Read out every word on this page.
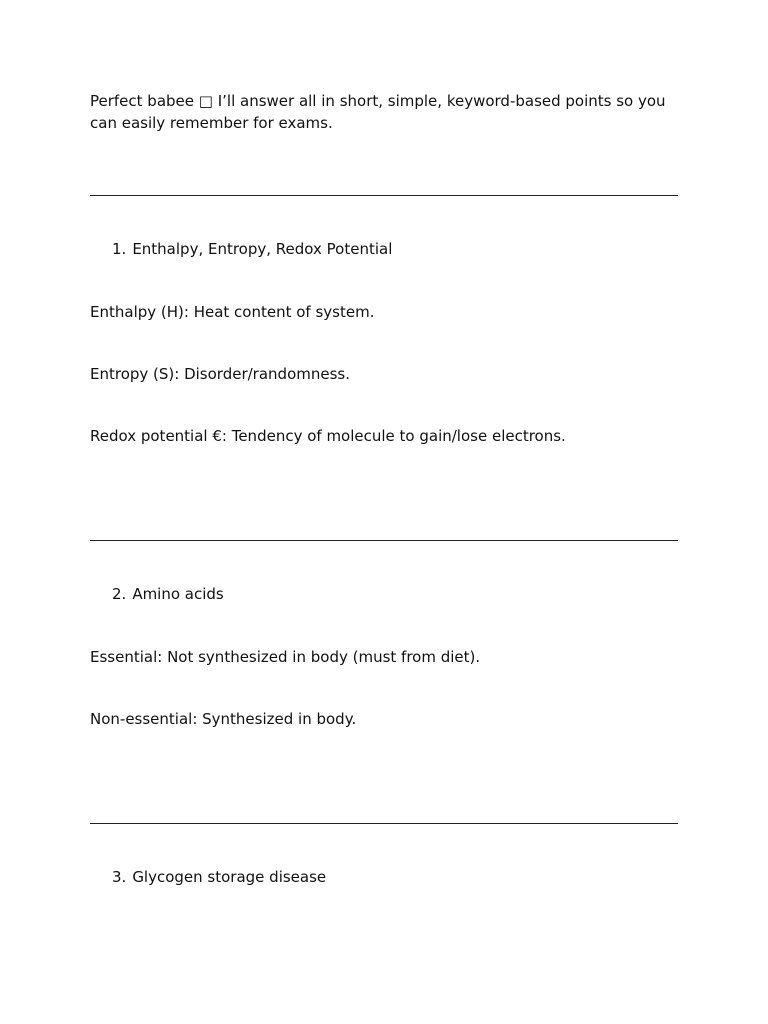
Perfect babee □ I’ll answer all in short, simple, keyword-based points so you can easily remember for exams.

1. Enthalpy, Entropy, Redox Potential

Enthalpy (H): Heat content of system.

Entropy (S): Disorder/randomness.

Redox potential €: Tendency of molecule to gain/lose electrons.

2. Amino acids

Essential: Not synthesized in body (must from diet).

Non-essential: Synthesized in body.

3. Glycogen storage disease
